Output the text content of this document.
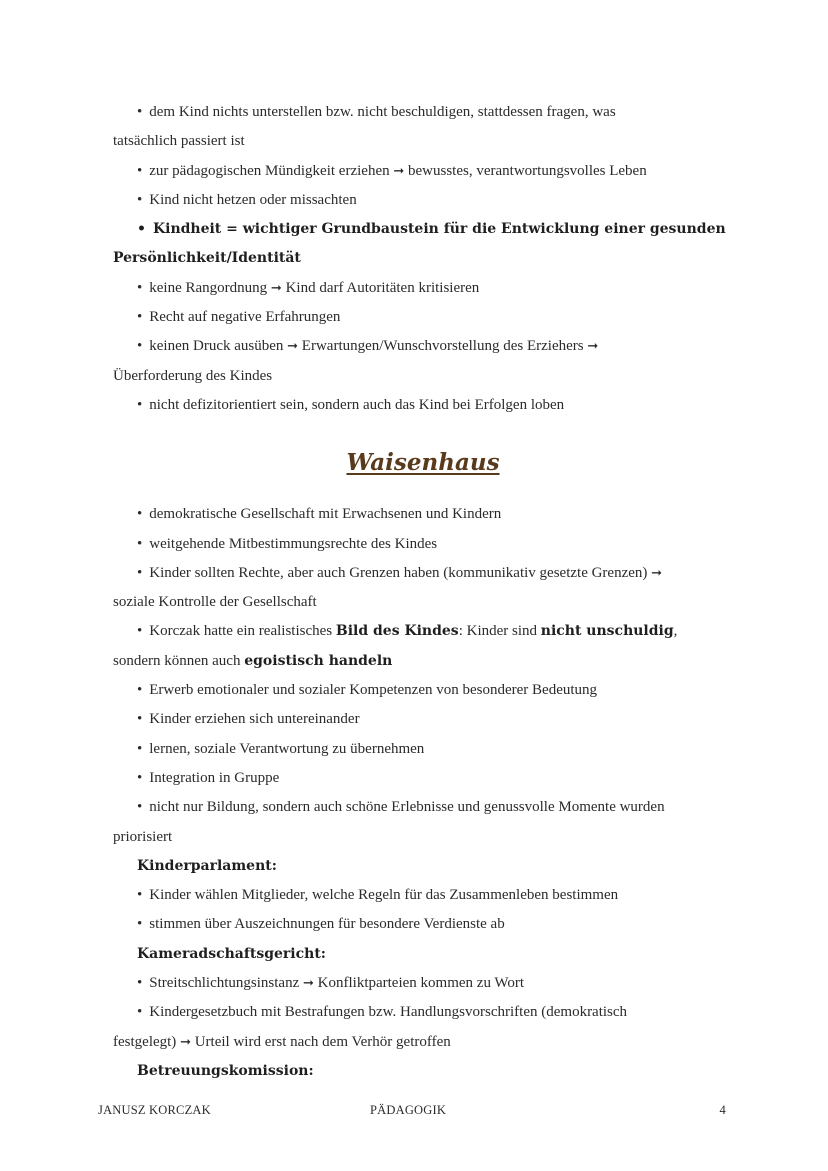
• dem Kind nichts unterstellen bzw. nicht beschuldigen, stattdessen fragen, was

tatsächlich passiert ist

• zur pädagogischen Mündigkeit erziehen ➞ bewusstes, verantwortungsvolles Leben

• Kind nicht hetzen oder missachten

• Kindheit = wichtiger Grundbaustein für die Entwicklung einer gesunden

Persönlichkeit/Identität

• keine Rangordnung ➞ Kind darf Autoritäten kritisieren

• Recht auf negative Erfahrungen

• keinen Druck ausüben ➞ Erwartungen/Wunschvorstellung des Erziehers ➞

Überforderung des Kindes

• nicht defizitorientiert sein, sondern auch das Kind bei Erfolgen loben

Waisenhaus

• demokratische Gesellschaft mit Erwachsenen und Kindern

• weitgehende Mitbestimmungsrechte des Kindes

• Kinder sollten Rechte, aber auch Grenzen haben (kommunikativ gesetzte Grenzen) ➞

soziale Kontrolle der Gesellschaft

• Korczak hatte ein realistisches Bild des Kindes: Kinder sind nicht unschuldig,

sondern können auch egoistisch handeln

• Erwerb emotionaler und sozialer Kompetenzen von besonderer Bedeutung

• Kinder erziehen sich untereinander

• lernen, soziale Verantwortung zu übernehmen

• Integration in Gruppe

• nicht nur Bildung, sondern auch schöne Erlebnisse und genussvolle Momente wurden

priorisiert

Kinderparlament:

• Kinder wählen Mitglieder, welche Regeln für das Zusammenleben bestimmen

• stimmen über Auszeichnungen für besondere Verdienste ab

Kameradschaftsgericht:

• Streitschlichtungsinstanz ➞ Konfliktparteien kommen zu Wort

• Kindergesetzbuch mit Bestrafungen bzw. Handlungsvorschriften (demokratisch

festgelegt) ➞ Urteil wird erst nach dem Verhör getroffen

Betreuungskomission:

JANUSZ KORCZAK	PÄDAGOGIK	4
